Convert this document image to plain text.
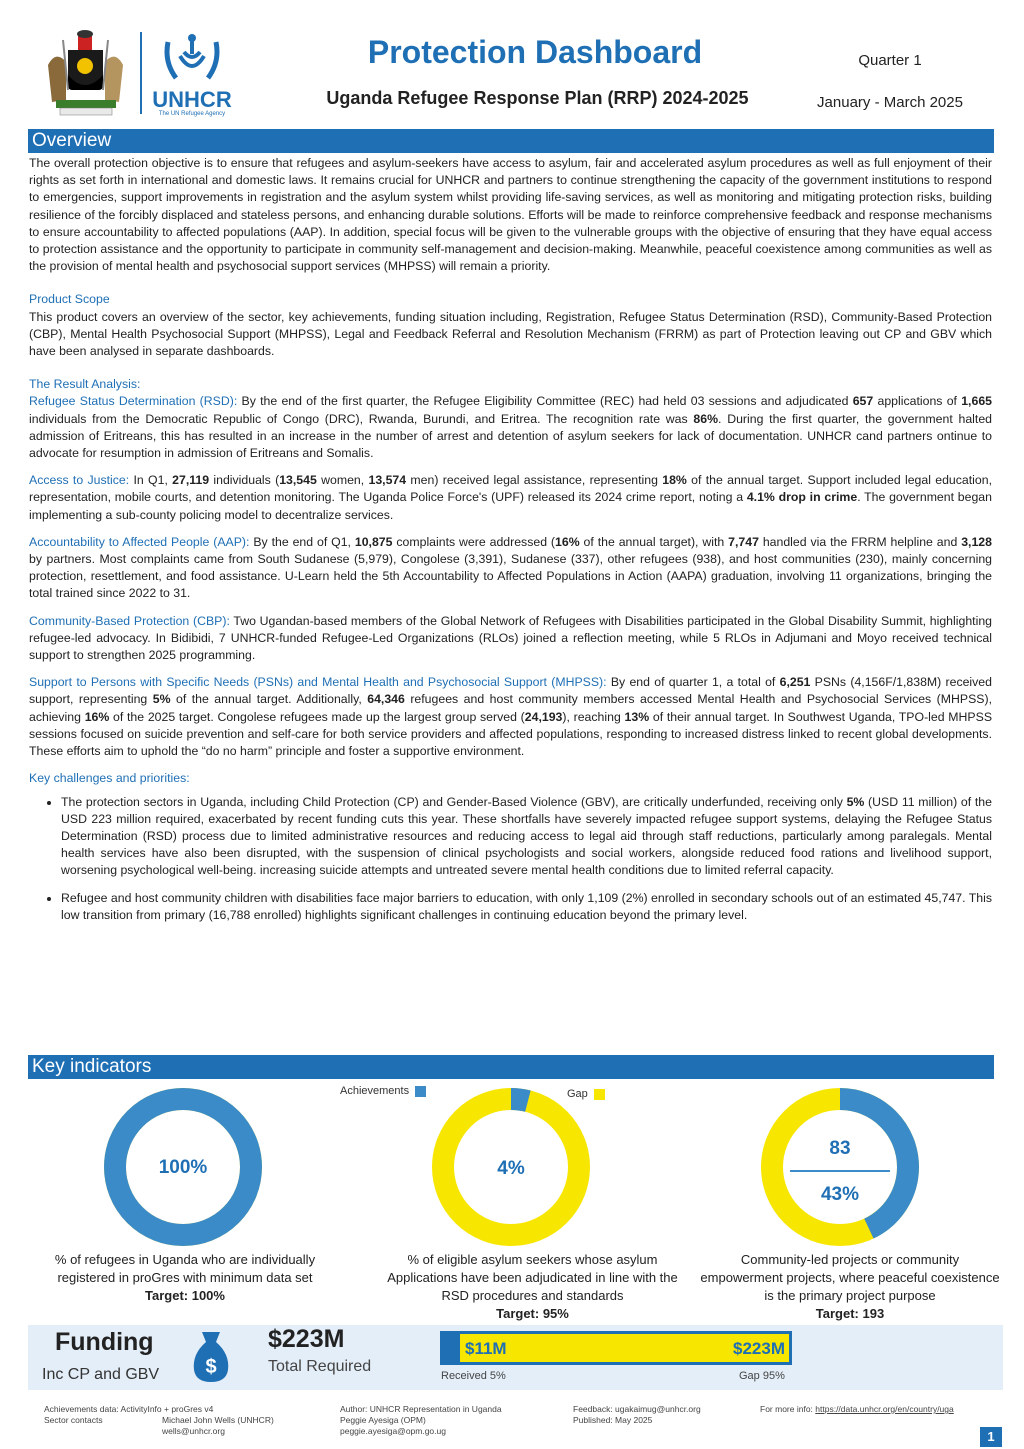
UNHCR
The UN Refugee Agency
Protection Dashboard
Uganda Refugee Response Plan (RRP) 2024-2025
Quarter 1
January - March 2025
Overview

The overall protection objective is to ensure that refugees and asylum-seekers have access to asylum, fair and accelerated asylum procedures as well as full enjoyment of their rights as set forth in international and domestic laws. It remains crucial for UNHCR and partners to continue strengthening the capacity of the government institutions to respond to emergencies, support improvements in registration and the asylum system whilst providing life-saving services, as well as monitoring and mitigating protection risks, building resilience of the forcibly displaced and stateless persons, and enhancing durable solutions. Efforts will be made to reinforce comprehensive feedback and response mechanisms to ensure accountability to affected populations (AAP). In addition, special focus will be given to the vulnerable groups with the objective of ensuring that they have equal access to protection assistance and the opportunity to participate in community self-management and decision-making. Meanwhile, peaceful coexistence among communities as well as the provision of mental health and psychosocial support services (MHPSS) will remain a priority.

Product Scope

This product covers an overview of the sector, key achievements, funding situation including, Registration, Refugee Status Determination (RSD), Community-Based Protection (CBP), Mental Health Psychosocial Support (MHPSS), Legal and Feedback Referral and Resolution Mechanism (FRRM) as part of Protection leaving out CP and GBV which have been analysed in separate dashboards.

The Result Analysis:

Refugee Status Determination (RSD): By the end of the first quarter, the Refugee Eligibility Committee (REC) had held 03 sessions and adjudicated 657 applications of 1,665 individuals from the Democratic Republic of Congo (DRC), Rwanda, Burundi, and Eritrea. The recognition rate was 86%. During the first quarter, the government halted admission of Eritreans, this has resulted in an increase in the number of arrest and detention of asylum seekers for lack of documentation. UNHCR cand partners ontinue to advocate for resumption in admission of Eritreans and Somalis.

Access to Justice: In Q1, 27,119 individuals (13,545 women, 13,574 men) received legal assistance, representing 18% of the annual target. Support included legal education, representation, mobile courts, and detention monitoring. The Uganda Police Force's (UPF) released its 2024 crime report, noting a 4.1% drop in crime. The government began implementing a sub-county policing model to decentralize services.

Accountability to Affected People (AAP): By the end of Q1, 10,875 complaints were addressed (16% of the annual target), with 7,747 handled via the FRRM helpline and 3,128 by partners. Most complaints came from South Sudanese (5,979), Congolese (3,391), Sudanese (337), other refugees (938), and host communities (230), mainly concerning protection, resettlement, and food assistance. U-Learn held the 5th Accountability to Affected Populations in Action (AAPA) graduation, involving 11 organizations, bringing the total trained since 2022 to 31.

Community-Based Protection (CBP): Two Ugandan-based members of the Global Network of Refugees with Disabilities participated in the Global Disability Summit, highlighting refugee-led advocacy. In Bidibidi, 7 UNHCR-funded Refugee-Led Organizations (RLOs) joined a reflection meeting, while 5 RLOs in Adjumani and Moyo received technical support to strengthen 2025 programming.

Support to Persons with Specific Needs (PSNs) and Mental Health and Psychosocial Support (MHPSS): By end of quarter 1, a total of 6,251 PSNs (4,156F/1,838M) received support, representing 5% of the annual target. Additionally, 64,346 refugees and host community members accessed Mental Health and Psychosocial Services (MHPSS), achieving 16% of the 2025 target. Congolese refugees made up the largest group served (24,193), reaching 13% of their annual target. In Southwest Uganda, TPO-led MHPSS sessions focused on suicide prevention and self-care for both service providers and affected populations, responding to increased distress linked to recent global developments. These efforts aim to uphold the “do no harm” principle and foster a supportive environment.

Key challenges and priorities:

• The protection sectors in Uganda, including Child Protection (CP) and Gender-Based Violence (GBV), are critically underfunded, receiving only 5% (USD 11 million) of the USD 223 million required, exacerbated by recent funding cuts this year. These shortfalls have severely impacted refugee support systems, delaying the Refugee Status Determination (RSD) process due to limited administrative resources and reducing access to legal aid through staff reductions, particularly among paralegals. Mental health services have also been disrupted, with the suspension of clinical psychologists and social workers, alongside reduced food rations and livelihood support, worsening psychological well-being. increasing suicide attempts and untreated severe mental health conditions due to limited referral capacity.
• Refugee and host community children with disabilities face major barriers to education, with only 1,109 (2%) enrolled in secondary schools out of an estimated 45,747. This low transition from primary (16,788 enrolled) highlights significant challenges in continuing education beyond the primary level.
Key indicators
Achievements	Gap
100%
% of refugees in Uganda who are individually registered in proGres with minimum data set
Target: 100%
4%
% of eligible asylum seekers whose asylum Applications have been adjudicated in line with the RSD procedures and standards
Target: 95%
83
43%
Community-led projects or community empowerment projects, where peaceful coexistence is the primary project purpose
Target: 193
Funding
Inc CP and GBV $
$223M
Total Required
$11M	$223M
Received 5%	Gap 95%
Achievements data: ActivityInfo + proGres v4
Sector contacts	Michael John Wells (UNHCR)
wells@unhcr.org
Author: UNHCR Representation in Uganda
Peggie Ayesiga (OPM)
peggie.ayesiga@opm.go.ug
Feedback: ugakaimug@unhcr.org
Published: May 2025
For more info: https://data.unhcr.org/en/country/uga
1
